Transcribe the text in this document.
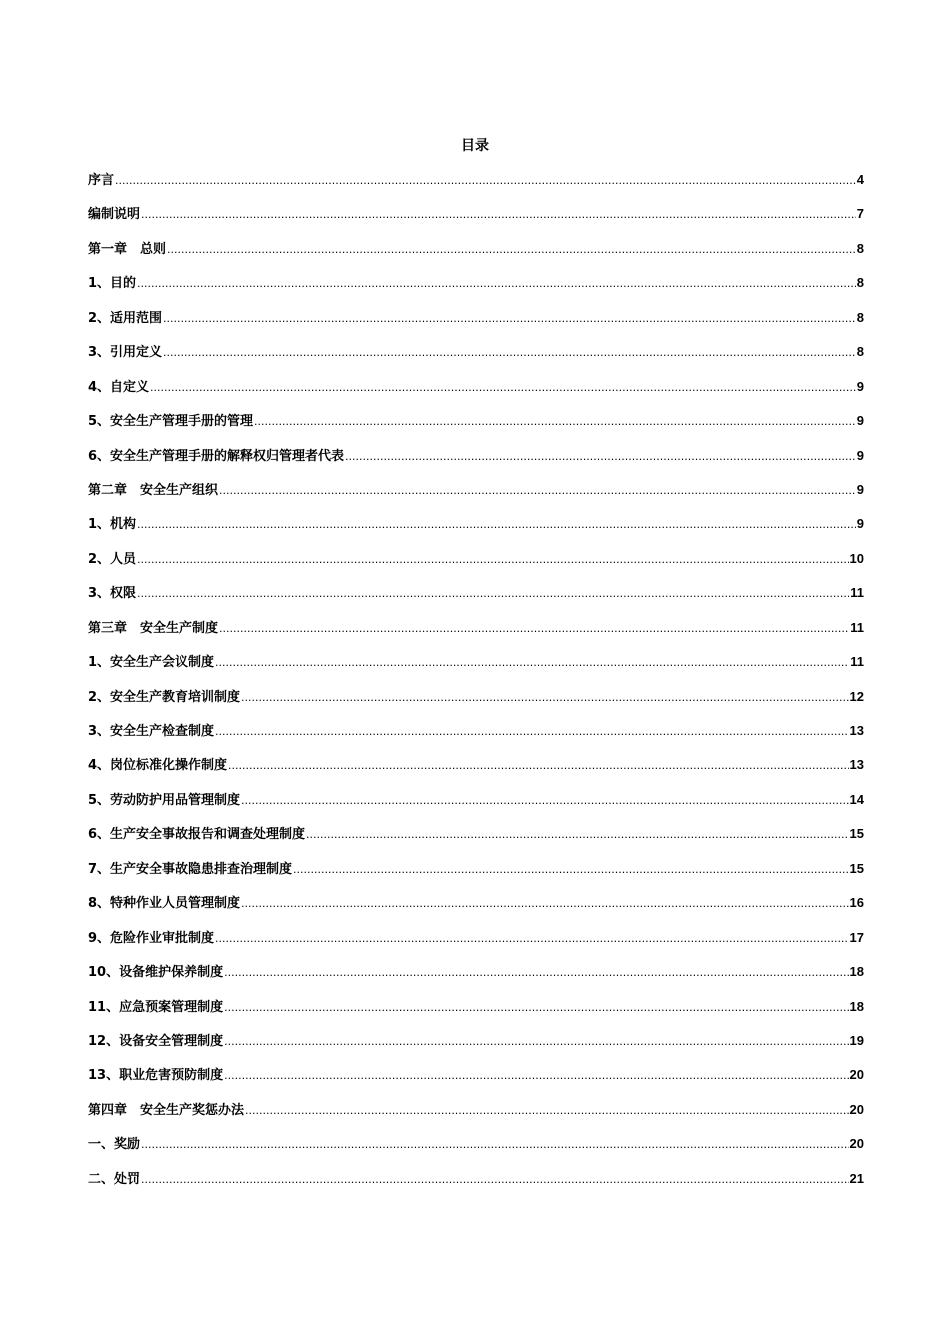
目录
序言 .....	4
编制说明 .....	7
第一章　总则 .....	8
1、目的 .....	8
2、适用范围 .....	8
3、引用定义 .....	8
4、自定义 .....	9
5、安全生产管理手册的管理 .....	9
6、安全生产管理手册的解释权归管理者代表 .....	9
第二章　安全生产组织 .....	9
1、机构 .....	9
2、人员 .....	10
3、权限 .....	11
第三章　安全生产制度 .....	11
1、安全生产会议制度 .....	11
2、安全生产教育培训制度 .....	12
3、安全生产检查制度 .....	13
4、岗位标准化操作制度 .....	13
5、劳动防护用品管理制度 .....	14
6、生产安全事故报告和调查处理制度 .....	15
7、生产安全事故隐患排查治理制度 .....	15
8、特种作业人员管理制度 .....	16
9、危险作业审批制度 .....	17
10、设备维护保养制度 .....	18
11、应急预案管理制度 .....	18
12、设备安全管理制度 .....	19
13、职业危害预防制度 .....	20
第四章　安全生产奖惩办法 .....	20
一、奖励 .....	20
二、处罚 .....	21
